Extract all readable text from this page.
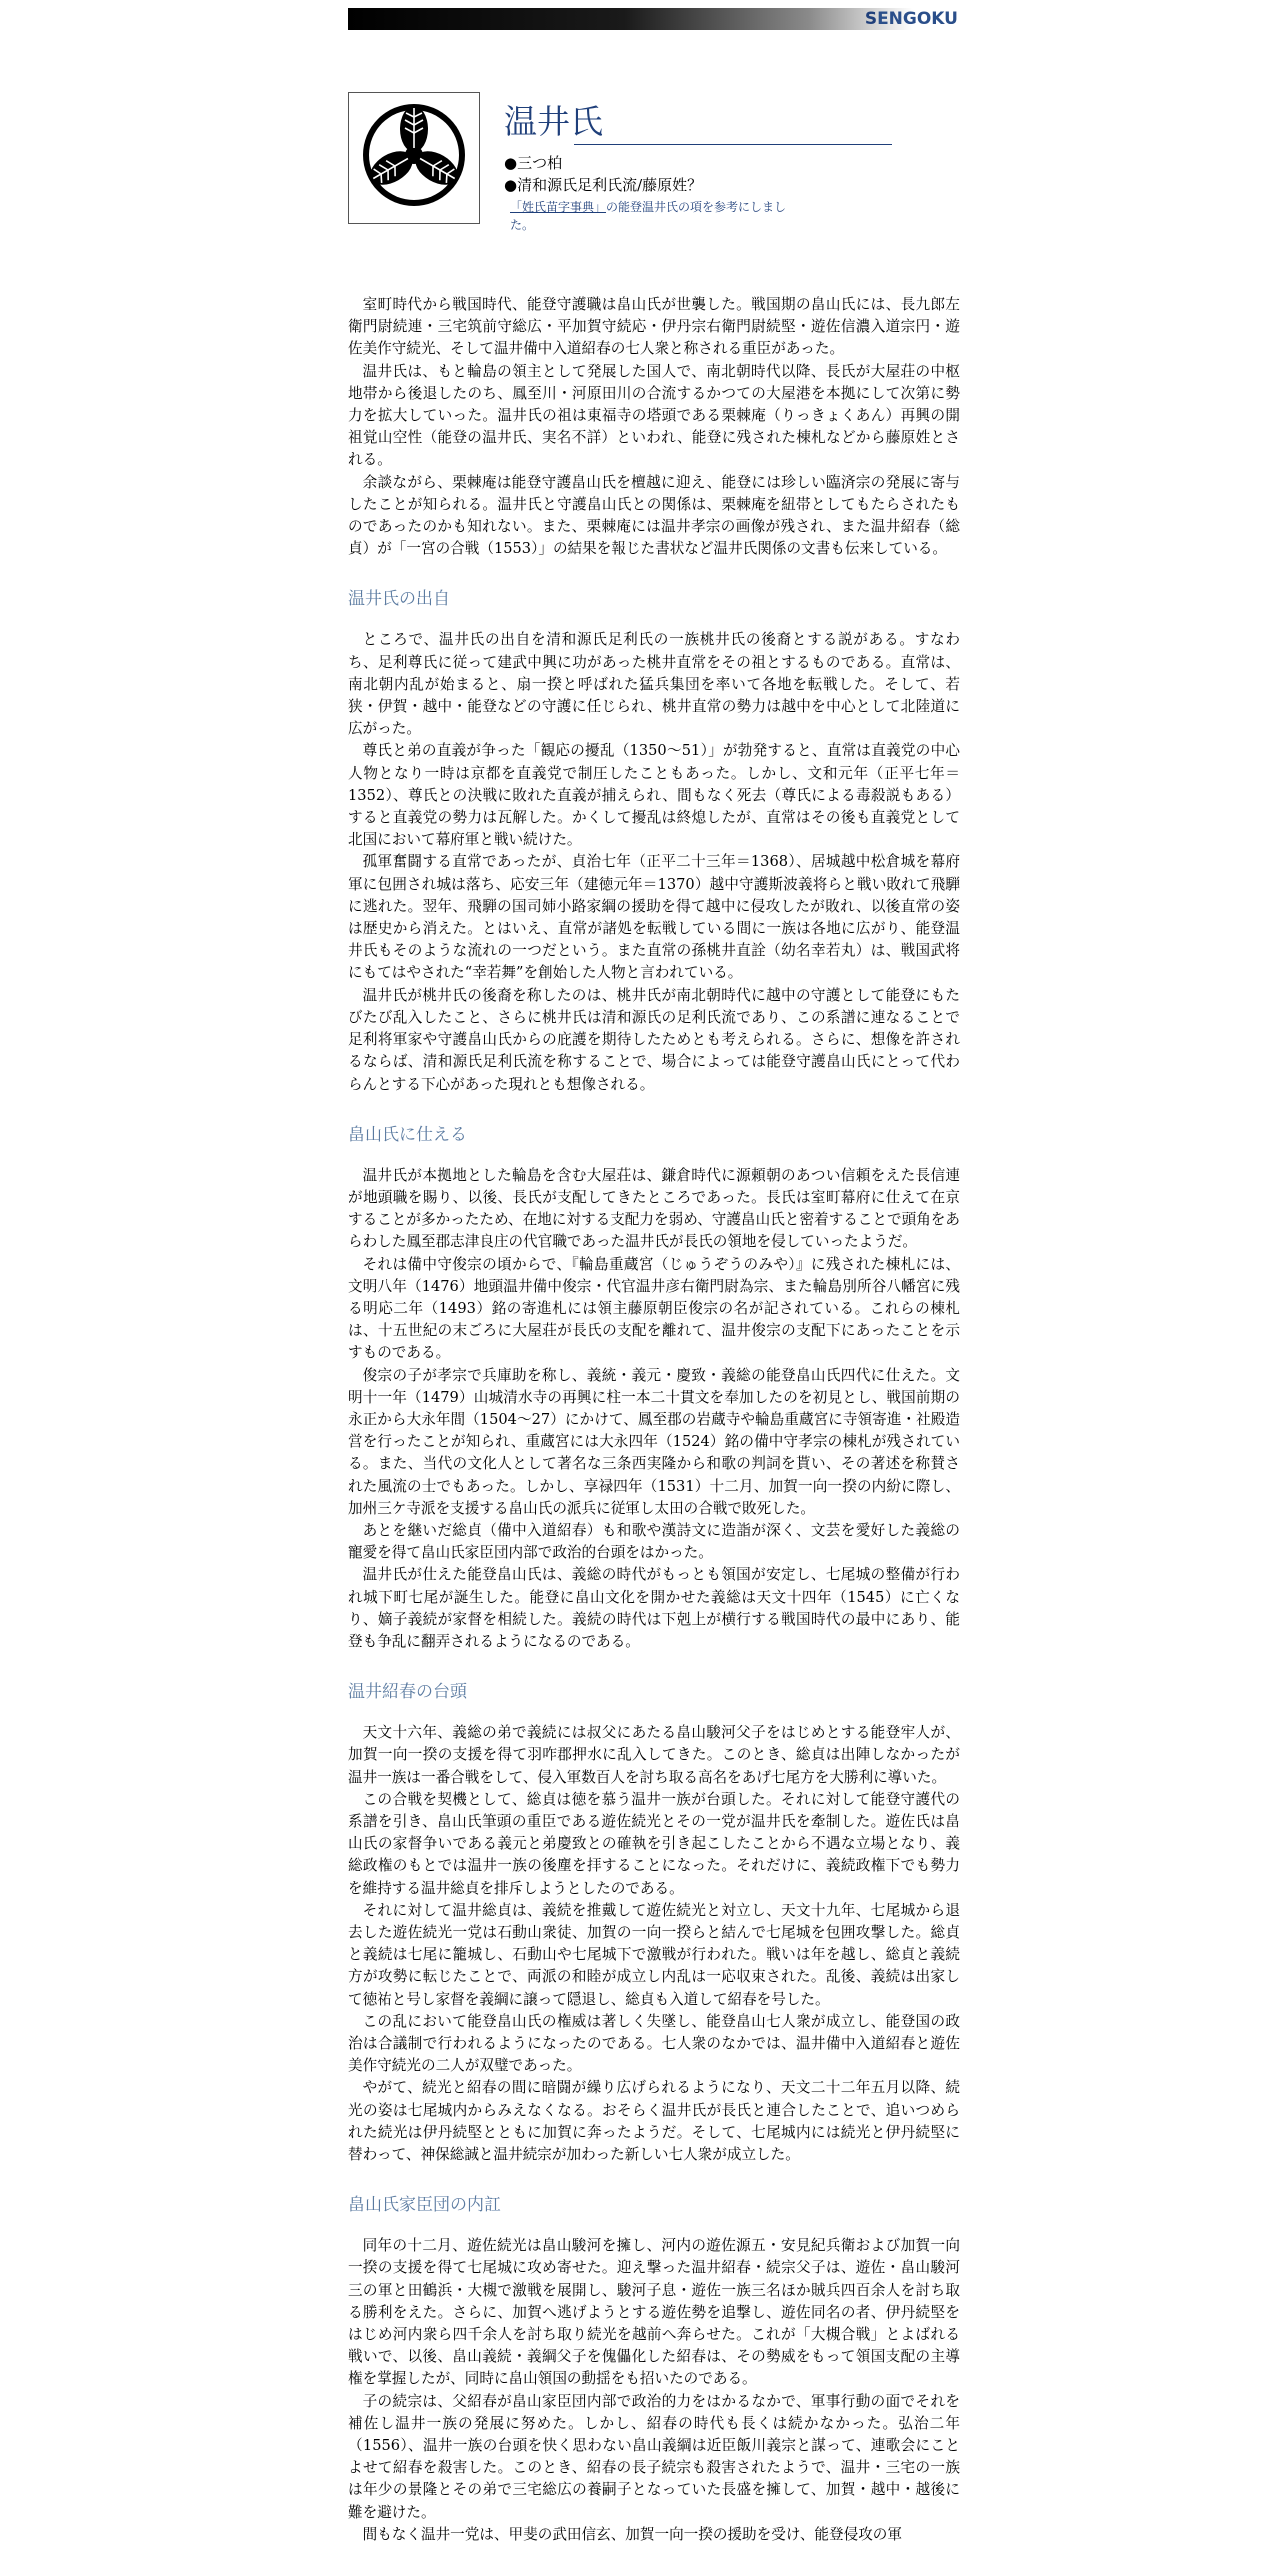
SENGOKU
温井氏
●三つ柏
●清和源氏足利氏流/藤原姓？
「姓氏苗字事典」の能登温井氏の項を参考にしました。

室町時代から戦国時代、能登守護職は畠山氏が世襲した。戦国期の畠山氏には、長九郎左衛門尉続連・三宅筑前守総広・平加賀守続応・伊丹宗右衛門尉続堅・遊佐信濃入道宗円・遊佐美作守続光、そして温井備中入道紹春の七人衆と称される重臣があった。

温井氏は、もと輪島の領主として発展した国人で、南北朝時代以降、長氏が大屋荘の中枢地帯から後退したのち、鳳至川・河原田川の合流するかつての大屋港を本拠にして次第に勢力を拡大していった。温井氏の祖は東福寺の塔頭である栗棘庵（りっきょくあん）再興の開祖覚山空性（能登の温井氏、実名不詳）といわれ、能登に残された棟札などから藤原姓とされる。

余談ながら、栗棘庵は能登守護畠山氏を檀越に迎え、能登には珍しい臨済宗の発展に寄与したことが知られる。温井氏と守護畠山氏との関係は、栗棘庵を紐帯としてもたらされたものであったのかも知れない。また、栗棘庵には温井孝宗の画像が残され、また温井紹春（総貞）が「一宮の合戦（1553）」の結果を報じた書状など温井氏関係の文書も伝来している。

温井氏の出自

ところで、温井氏の出自を清和源氏足利氏の一族桃井氏の後裔とする説がある。すなわち、足利尊氏に従って建武中興に功があった桃井直常をその祖とするものである。直常は、南北朝内乱が始まると、扇一揆と呼ばれた猛兵集団を率いて各地を転戦した。そして、若狭・伊賀・越中・能登などの守護に任じられ、桃井直常の勢力は越中を中心として北陸道に広がった。

尊氏と弟の直義が争った「観応の擾乱（1350～51）」が勃発すると、直常は直義党の中心人物となり一時は京都を直義党で制圧したこともあった。しかし、文和元年（正平七年＝1352）、尊氏との決戦に敗れた直義が捕えられ、間もなく死去（尊氏による毒殺説もある）すると直義党の勢力は瓦解した。かくして擾乱は終熄したが、直常はその後も直義党として北国において幕府軍と戦い続けた。

孤軍奮闘する直常であったが、貞治七年（正平二十三年＝1368）、居城越中松倉城を幕府軍に包囲され城は落ち、応安三年（建徳元年＝1370）越中守護斯波義将らと戦い敗れて飛騨に逃れた。翌年、飛騨の国司姉小路家綱の援助を得て越中に侵攻したが敗れ、以後直常の姿は歴史から消えた。とはいえ、直常が諸処を転戦している間に一族は各地に広がり、能登温井氏もそのような流れの一つだという。また直常の孫桃井直詮（幼名幸若丸）は、戦国武将にもてはやされた“幸若舞”を創始した人物と言われている。

温井氏が桃井氏の後裔を称したのは、桃井氏が南北朝時代に越中の守護として能登にもたびたび乱入したこと、さらに桃井氏は清和源氏の足利氏流であり、この系譜に連なることで足利将軍家や守護畠山氏からの庇護を期待したためとも考えられる。さらに、想像を許されるならば、清和源氏足利氏流を称することで、場合によっては能登守護畠山氏にとって代わらんとする下心があった現れとも想像される。

畠山氏に仕える

温井氏が本拠地とした輪島を含む大屋荘は、鎌倉時代に源頼朝のあつい信頼をえた長信連が地頭職を賜り、以後、長氏が支配してきたところであった。長氏は室町幕府に仕えて在京することが多かったため、在地に対する支配力を弱め、守護畠山氏と密着することで頭角をあらわした鳳至郡志津良庄の代官職であった温井氏が長氏の領地を侵していったようだ。

それは備中守俊宗の頃からで、『輪島重蔵宮（じゅうぞうのみや）』に残された棟札には、文明八年（1476）地頭温井備中俊宗・代官温井彦右衛門尉為宗、また輪島別所谷八幡宮に残る明応二年（1493）銘の寄進札には領主藤原朝臣俊宗の名が記されている。これらの棟札は、十五世紀の末ごろに大屋荘が長氏の支配を離れて、温井俊宗の支配下にあったことを示すものである。

俊宗の子が孝宗で兵庫助を称し、義統・義元・慶致・義総の能登畠山氏四代に仕えた。文明十一年（1479）山城清水寺の再興に柱一本二十貫文を奉加したのを初見とし、戦国前期の永正から大永年間（1504～27）にかけて、鳳至郡の岩蔵寺や輪島重蔵宮に寺領寄進・社殿造営を行ったことが知られ、重蔵宮には大永四年（1524）銘の備中守孝宗の棟札が残されている。また、当代の文化人として著名な三条西実隆から和歌の判詞を貰い、その著述を称賛された風流の士でもあった。しかし、享禄四年（1531）十二月、加賀一向一揆の内紛に際し、加州三ケ寺派を支援する畠山氏の派兵に従軍し太田の合戦で敗死した。

あとを継いだ総貞（備中入道紹春）も和歌や漢詩文に造詣が深く、文芸を愛好した義総の寵愛を得て畠山氏家臣団内部で政治的台頭をはかった。

温井氏が仕えた能登畠山氏は、義総の時代がもっとも領国が安定し、七尾城の整備が行われ城下町七尾が誕生した。能登に畠山文化を開かせた義総は天文十四年（1545）に亡くなり、嫡子義続が家督を相続した。義続の時代は下剋上が横行する戦国時代の最中にあり、能登も争乱に翻弄されるようになるのである。

温井紹春の台頭

天文十六年、義総の弟で義続には叔父にあたる畠山駿河父子をはじめとする能登牢人が、加賀一向一揆の支援を得て羽咋郡押水に乱入してきた。このとき、総貞は出陣しなかったが温井一族は一番合戦をして、侵入軍数百人を討ち取る高名をあげ七尾方を大勝利に導いた。

この合戦を契機として、総貞は徳を慕う温井一族が台頭した。それに対して能登守護代の系譜を引き、畠山氏筆頭の重臣である遊佐続光とその一党が温井氏を牽制した。遊佐氏は畠山氏の家督争いである義元と弟慶致との確執を引き起こしたことから不遇な立場となり、義総政権のもとでは温井一族の後塵を拝することになった。それだけに、義続政権下でも勢力を維持する温井総貞を排斥しようとしたのである。

それに対して温井総貞は、義続を推戴して遊佐続光と対立し、天文十九年、七尾城から退去した遊佐続光一党は石動山衆徒、加賀の一向一揆らと結んで七尾城を包囲攻撃した。総貞と義続は七尾に籠城し、石動山や七尾城下で激戦が行われた。戦いは年を越し、総貞と義続方が攻勢に転じたことで、両派の和睦が成立し内乱は一応収束された。乱後、義続は出家して徳祐と号し家督を義綱に譲って隠退し、総貞も入道して紹春を号した。

この乱において能登畠山氏の権威は著しく失墜し、能登畠山七人衆が成立し、能登国の政治は合議制で行われるようになったのである。七人衆のなかでは、温井備中入道紹春と遊佐美作守続光の二人が双璧であった。

やがて、続光と紹春の間に暗闘が繰り広げられるようになり、天文二十二年五月以降、続光の姿は七尾城内からみえなくなる。おそらく温井氏が長氏と連合したことで、追いつめられた続光は伊丹続堅とともに加賀に奔ったようだ。そして、七尾城内には続光と伊丹続堅に替わって、神保総誠と温井続宗が加わった新しい七人衆が成立した。

畠山氏家臣団の内訌

同年の十二月、遊佐続光は畠山駿河を擁し、河内の遊佐源五・安見紀兵衛および加賀一向一揆の支援を得て七尾城に攻め寄せた。迎え撃った温井紹春・続宗父子は、遊佐・畠山駿河三の軍と田鶴浜・大槻で激戦を展開し、駿河子息・遊佐一族三名ほか賊兵四百余人を討ち取る勝利をえた。さらに、加賀へ逃げようとする遊佐勢を追撃し、遊佐同名の者、伊丹続堅をはじめ河内衆ら四千余人を討ち取り続光を越前へ奔らせた。これが「大槻合戦」とよばれる戦いで、以後、畠山義続・義綱父子を傀儡化した紹春は、その勢威をもって領国支配の主導権を掌握したが、同時に畠山領国の動揺をも招いたのである。

子の続宗は、父紹春が畠山家臣団内部で政治的力をはかるなかで、軍事行動の面でそれを補佐し温井一族の発展に努めた。しかし、紹春の時代も長くは続かなかった。弘治二年（1556）、温井一族の台頭を快く思わない畠山義綱は近臣飯川義宗と謀って、連歌会にことよせて紹春を殺害した。このとき、紹春の長子続宗も殺害されたようで、温井・三宅の一族は年少の景隆とその弟で三宅総広の養嗣子となっていた長盛を擁して、加賀・越中・越後に難を避けた。

間もなく温井一党は、甲斐の武田信玄、加賀一向一揆の援助を受け、能登侵攻の軍
